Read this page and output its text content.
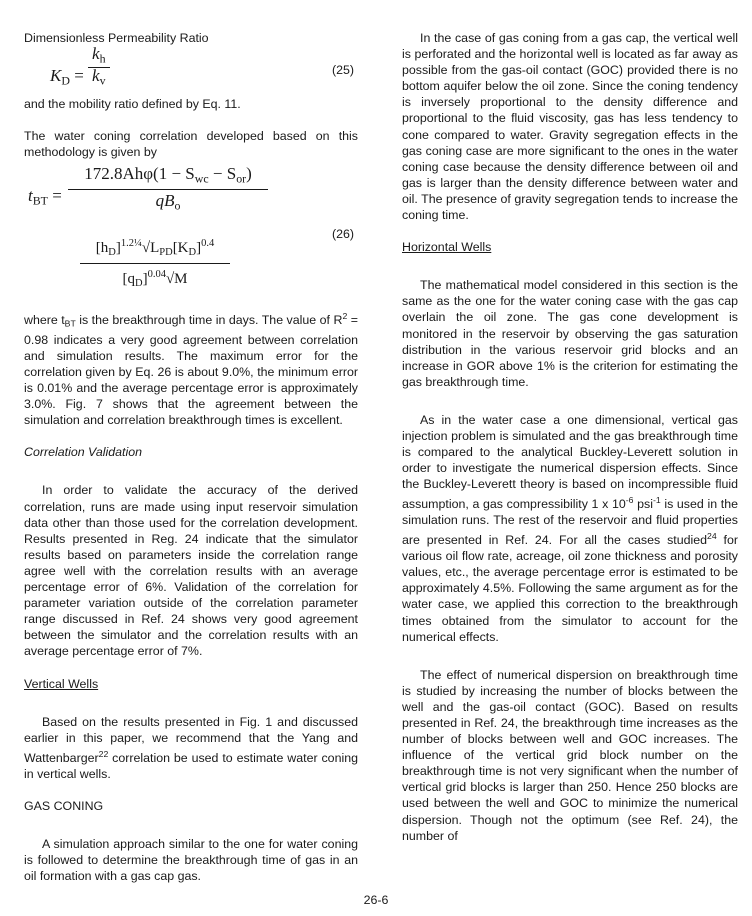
Dimensionless Permeability Ratio

$K_D = \frac{k_h}{k_v}$	(25)

and the mobility ratio defined by Eq. 11.

The water coning correlation developed based on this methodology is given by

$t_{BT}$ =
$172.8Ah\varphi(1 - S_{wc} - S_{or})$
$qB_o$
$[h_D]^{1.2\frac{1}{4}}√L_{PD}[K_D]^{0.4}$
$[q_D]^{0.04}√M$
(26)

where $t_{BT}$ is the breakthrough time in days. The value of $R^2 = 0.98$ indicates a very good agreement between correlation and simulation results. The maximum error for the correlation given by Eq. 26 is about 9.0%, the minimum error is 0.01% and the average percentage error is approximately 3.0%. Fig. 7 shows that the agreement between the simulation and correlation breakthrough times is excellent.

Correlation Validation

In order to validate the accuracy of the derived correlation, runs are made using input reservoir simulation data other than those used for the correlation development. Results presented in Reg. 24 indicate that the simulator results based on parameters inside the correlation range agree well with the correlation results with an average percentage error of 6%. Validation of the correlation for parameter variation outside of the correlation parameter range discussed in Ref. 24 shows very good agreement between the simulator and the correlation results with an average percentage error of 7%.

Vertical Wells

Based on the results presented in Fig. 1 and discussed earlier in this paper, we recommend that the Yang and Wattenbarger$^{22}$ correlation be used to estimate water coning in vertical wells.

GAS CONING

A simulation approach similar to the one for water coning is followed to determine the breakthrough time of gas in an oil formation with a gas cap gas.

In the case of gas coning from a gas cap, the vertical well is perforated and the horizontal well is located as far away as possible from the gas-oil contact (GOC) provided there is no bottom aquifer below the oil zone. Since the coning tendency is inversely proportional to the density difference and proportional to the fluid viscosity, gas has less tendency to cone compared to water. Gravity segregation effects in the gas coning case are more significant to the ones in the water coning case because the density difference between oil and gas is larger than the density difference between water and oil. The presence of gravity segregation tends to increase the coning time.

Horizontal Wells

The mathematical model considered in this section is the same as the one for the water coning case with the gas cap overlain the oil zone. The gas cone development is monitored in the reservoir by observing the gas saturation distribution in the various reservoir grid blocks and an increase in GOR above 1% is the criterion for estimating the gas breakthrough time.

As in the water case a one dimensional, vertical gas injection problem is simulated and the gas breakthrough time is compared to the analytical Buckley-Leverett solution in order to investigate the numerical dispersion effects. Since the Buckley-Leverett theory is based on incompressible fluid assumption, a gas compressibility 1 x $10^{-6}$ psi$^{-1}$ is used in the simulation runs. The rest of the reservoir and fluid properties are presented in Ref. 24. For all the cases studied$^{24}$ for various oil flow rate, acreage, oil zone thickness and porosity values, etc., the average percentage error is estimated to be approximately 4.5%. Following the same argument as for the water case, we applied this correction to the breakthrough times obtained from the simulator to account for the numerical effects.

The effect of numerical dispersion on breakthrough time is studied by increasing the number of blocks between the well and the gas-oil contact (GOC). Based on results presented in Ref. 24, the breakthrough time increases as the number of blocks between well and GOC increases. The influence of the vertical grid block number on the breakthrough time is not very significant when the number of vertical grid blocks is larger than 250. Hence 250 blocks are used between the well and GOC to minimize the numerical dispersion. Though not the optimum (see Ref. 24), the number of

26-6
